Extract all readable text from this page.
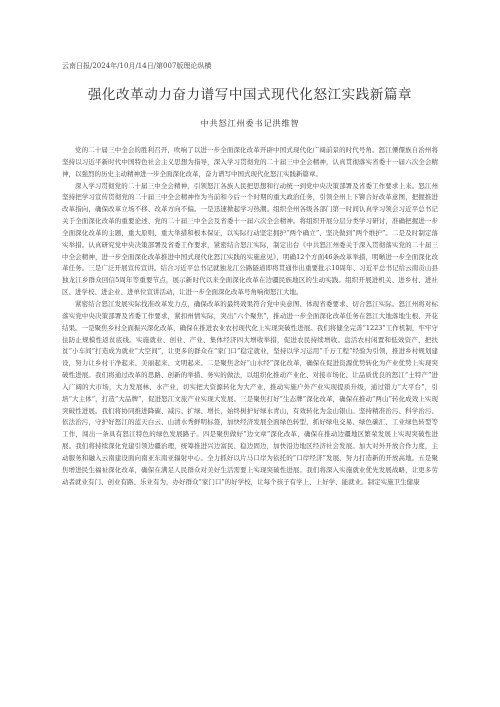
云南日报/2024年/10月/14日/第007版理论纵横
强化改革动力奋力谱写中国式现代化怒江实践新篇章
中共怒江州委书记洪维智

党的二十届三中全会的胜利召开，吹响了以进一步全面深化改革开辟中国式现代化广阔前景的时代号角。怒江傈僳族自治州将坚持以习近平新时代中国特色社会主义思想为指导，深入学习贯彻党的二十届三中全会精神，认真贯彻落实省委十一届六次全会精神，以强烈的历史主动精神进一步全面深化改革，奋力谱写中国式现代化怒江实践新篇章。

深入学习贯彻党的二十届三中全会精神，引领怒江各族人民把思想和行动统一到党中央决策部署及省委工作要求上来。怒江州坚持把学习宣传贯彻党的二十届三中全会精神作为当前和今后一个时期的重大政治任务，引领全州上下铆合好改革意图，把握推进改革指向，确保改革立场不移、改革方向不偏。一是迅速掀起学习热潮。组织全州各级各部门第一时间认真学习领会习近平总书记关于全面深化改革的重要论述、党的二十届三中全会及省委十一届六次全会精神。将组织开展分层分类学习研讨，准确把握进一步全面深化改革的主题、重大原则、重大举措和根本保证，以实际行动坚定拥护“两个确立”、坚决做到“两个维护”。二是及时制定落实举措。认真研究党中央决策部署及省委工作要求，紧密结合怒江实际，制定出台《中共怒江州委关于深入贯彻落实党的二十届三中全会精神，进一步全面深化改革推进中国式现代化怒江实践的实施意见》，明确12个方面46条改革举措，明晰进一步全面深化改革任务。三是广泛开展宣传宣讲。结合习近平总书记就独龙江公路隧道即将贯通作出重要批示10周年、习近平总书记给云南贡山县独龙江乡群众回信5周年等重要节点，展示新时代以来全面深化改革在边疆民族地区的生动实践。组织开展进机关、进乡村、进社区、进学校、进企业、进单位宣讲活动，让进一步全面深化改革号角响彻怒江大地。

紧密结合怒江发展实际找准改革发力点，确保改革的最终效果符合党中央意图、体现省委要求、切合怒江实际。怒江州将对标落实党中央决策部署及省委工作要求，紧扣州情实际，突出“六个聚焦”，推动进一步全面深化改革任务在怒江大地落地生根、开花结果。一是聚焦乡村全面振兴深化改革，确保在推进农业农村现代化上实现突破性进展。我们将健全完善“1223”工作机制，牢牢守住防止规模性返贫底线。实施就业、创业、产业、集体经济四大增收举措，促进农民持续增收。盘活农村闲置和低效资产，把扶贫“小车间”打造成为就业“大空间”，让更多的群众在“家门口”稳定就业，坚持以学习运用“千万工程”经验为引领，推进乡村规划建设，努力让乡村干净起来、美丽起来、文明起来。二是聚焦念好“山水经”深化改革，确保在促进资源优势转化为产业优势上实现突破性进展。我们将通过改革的思路、创新的举措、务实的做法，以组织化推动产业化、对接市场化、让品质优良的怒江“土特产”进入广阔的大市场，大力发展林、水产业，切实把大资源转化为大产业，推动实施户外产业实现提质升级，通过错力“大平台”，引培“大主体”，打造“大品牌”，促进怒江文旅产业实现大发展。三是聚焦打好“生态牌”深化改革，确保在推动“两山”转化成效上实现突破性进展。我们将协同推进降碳、减污、扩绿、增长，始终树护好绿水青山，有效转化为金山银山。坚持精准治污、科学治污、依法治污，守护好怒江的蓝天白云、山清水秀鲜明标签，加快经济发展全面绿色转型，抓好绿电交易、绿色碳汇、工业绿色转型等工作，闯出一条具有怒江特色的绿色发展路子。四是聚焦做好“边文章”深化改革，确保在推动边疆地区繁荣发展上实现突破性进展。我们将持续深化党建引领边疆治理，统筹推进兴边富民、稳边固边，加快沿边地区经济社会发展。加大对外开放合作力度，主动服务和融入云南建设面向南亚东南亚辐射中心。全力抓好以片马口岸为依托的“口岸经济”发展，努力打造新的开放高地。五是聚焦增进民生福祉深化改革，确保在满足人民群众对美好生活需要上实现突破性进展。我们将深入实施就业优先发展战略，让更多劳动者就业有门、创业有路、乐业有为，办好群众“家门口”的好学校，让每个孩子有学上、上好学、能就业。制定实施卫生健康
